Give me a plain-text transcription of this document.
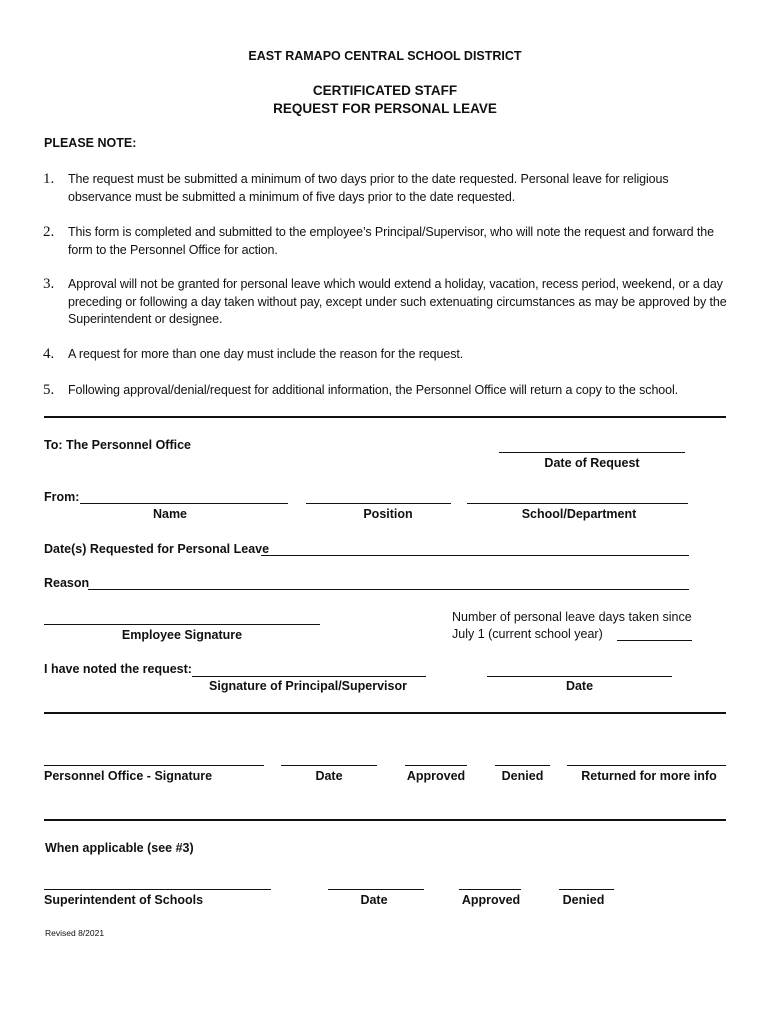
EAST RAMAPO CENTRAL SCHOOL DISTRICT
CERTIFICATED STAFF
REQUEST FOR PERSONAL LEAVE
PLEASE NOTE:
1. The request must be submitted a minimum of two days prior to the date requested. Personal leave for religious observance must be submitted a minimum of five days prior to the date requested.
2. This form is completed and submitted to the employee’s Principal/Supervisor, who will note the request and forward the form to the Personnel Office for action.
3. Approval will not be granted for personal leave which would extend a holiday, vacation, recess period, weekend, or a day preceding or following a day taken without pay, except under such extenuating circumstances as may be approved by the Superintendent or designee.
4. A request for more than one day must include the reason for the request.
5. Following approval/denial/request for additional information, the Personnel Office will return a copy to the school.
To: The Personnel Office
Date of Request
From:
Name	Position	School/Department
Date(s) Requested for Personal Leave
Reason
Employee Signature
Number of personal leave days taken since
July 1 (current school year)
I have noted the request:
Signature of Principal/Supervisor	Date
Personnel Office - Signature	Date	Approved	Denied	Returned for more info
When applicable (see #3)
Superintendent of Schools	Date	Approved	Denied
Revised 8/2021
